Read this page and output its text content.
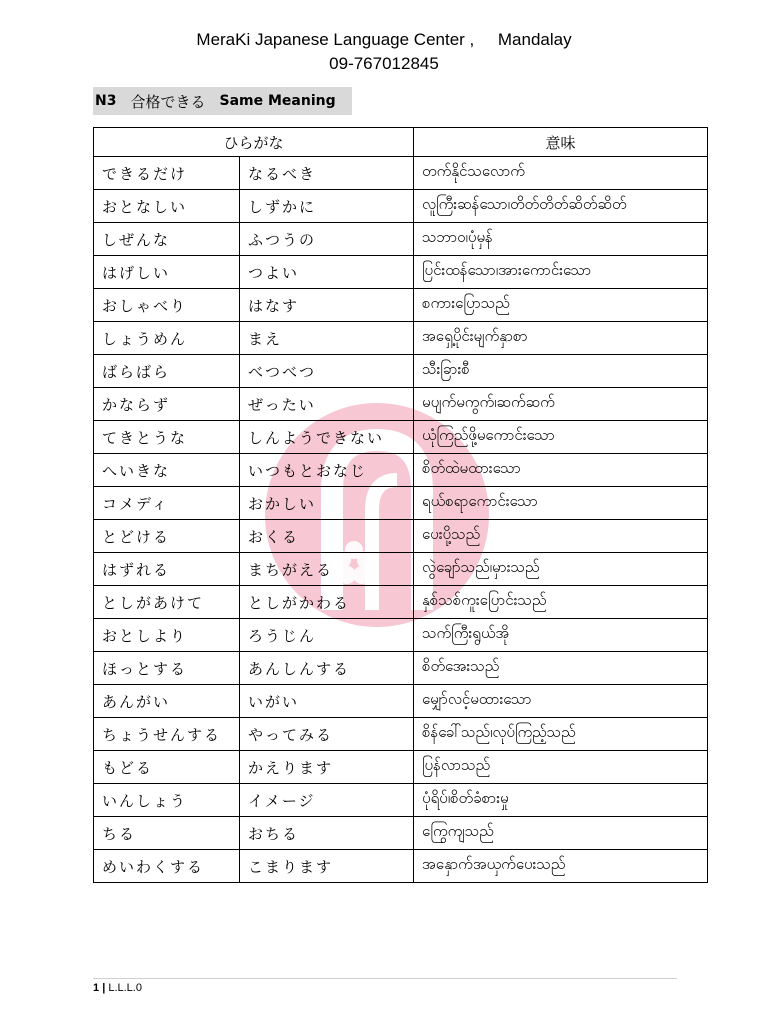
MeraKi Japanese Language Center ,     Mandalay
09-767012845
N3 合格できる Same Meaning
ひらがな		意味
できるだけ	なるべき	တက်နိုင်သလောက်
おとなしい	しずかに	လူကြီးဆန်သော၊တိတ်တိတ်ဆိတ်ဆိတ်
しぜんな	ふつうの	သဘာဝ၊ပုံမှန်
はげしい	つよい	ပြင်းထန်သော၊အားကောင်းသော
おしゃべり	はなす	စကားပြောသည်
しょうめん	まえ	အရှေ့ပိုင်းမျက်နှာစာ
ばらばら	べつべつ	သီးခြားစီ
かならず	ぜったい	မပျက်မကွက်၊ဆက်ဆက်
てきとうな	しんようできない	ယုံကြည်ဖို့မကောင်းသော
へいきな	いつもとおなじ	စိတ်ထဲမထားသော
コメディ	おかしい	ရယ်စရာကောင်းသော
とどける	おくる	ပေးပို့သည်
はずれる	まちがえる	လွဲချော်သည်၊မှားသည်
としがあけて	としがかわる	နှစ်သစ်ကူးပြောင်းသည်
おとしより	ろうじん	သက်ကြီးရွယ်အို
ほっとする	あんしんする	စိတ်အေးသည်
あんがい	いがい	မျှော်လင့်မထားသော
ちょうせんする	やってみる	စိန်ခေါ်သည်၊လုပ်ကြည့်သည်
もどる	かえります	ပြန်လာသည်
いんしょう	イメージ	ပုံရိပ်၊စိတ်ခံစားမှု
ちる	おちる	ကြွေကျသည်
めいわくする	こまります	အနှောက်အယှက်ပေးသည်
1 | L.L.L.0
